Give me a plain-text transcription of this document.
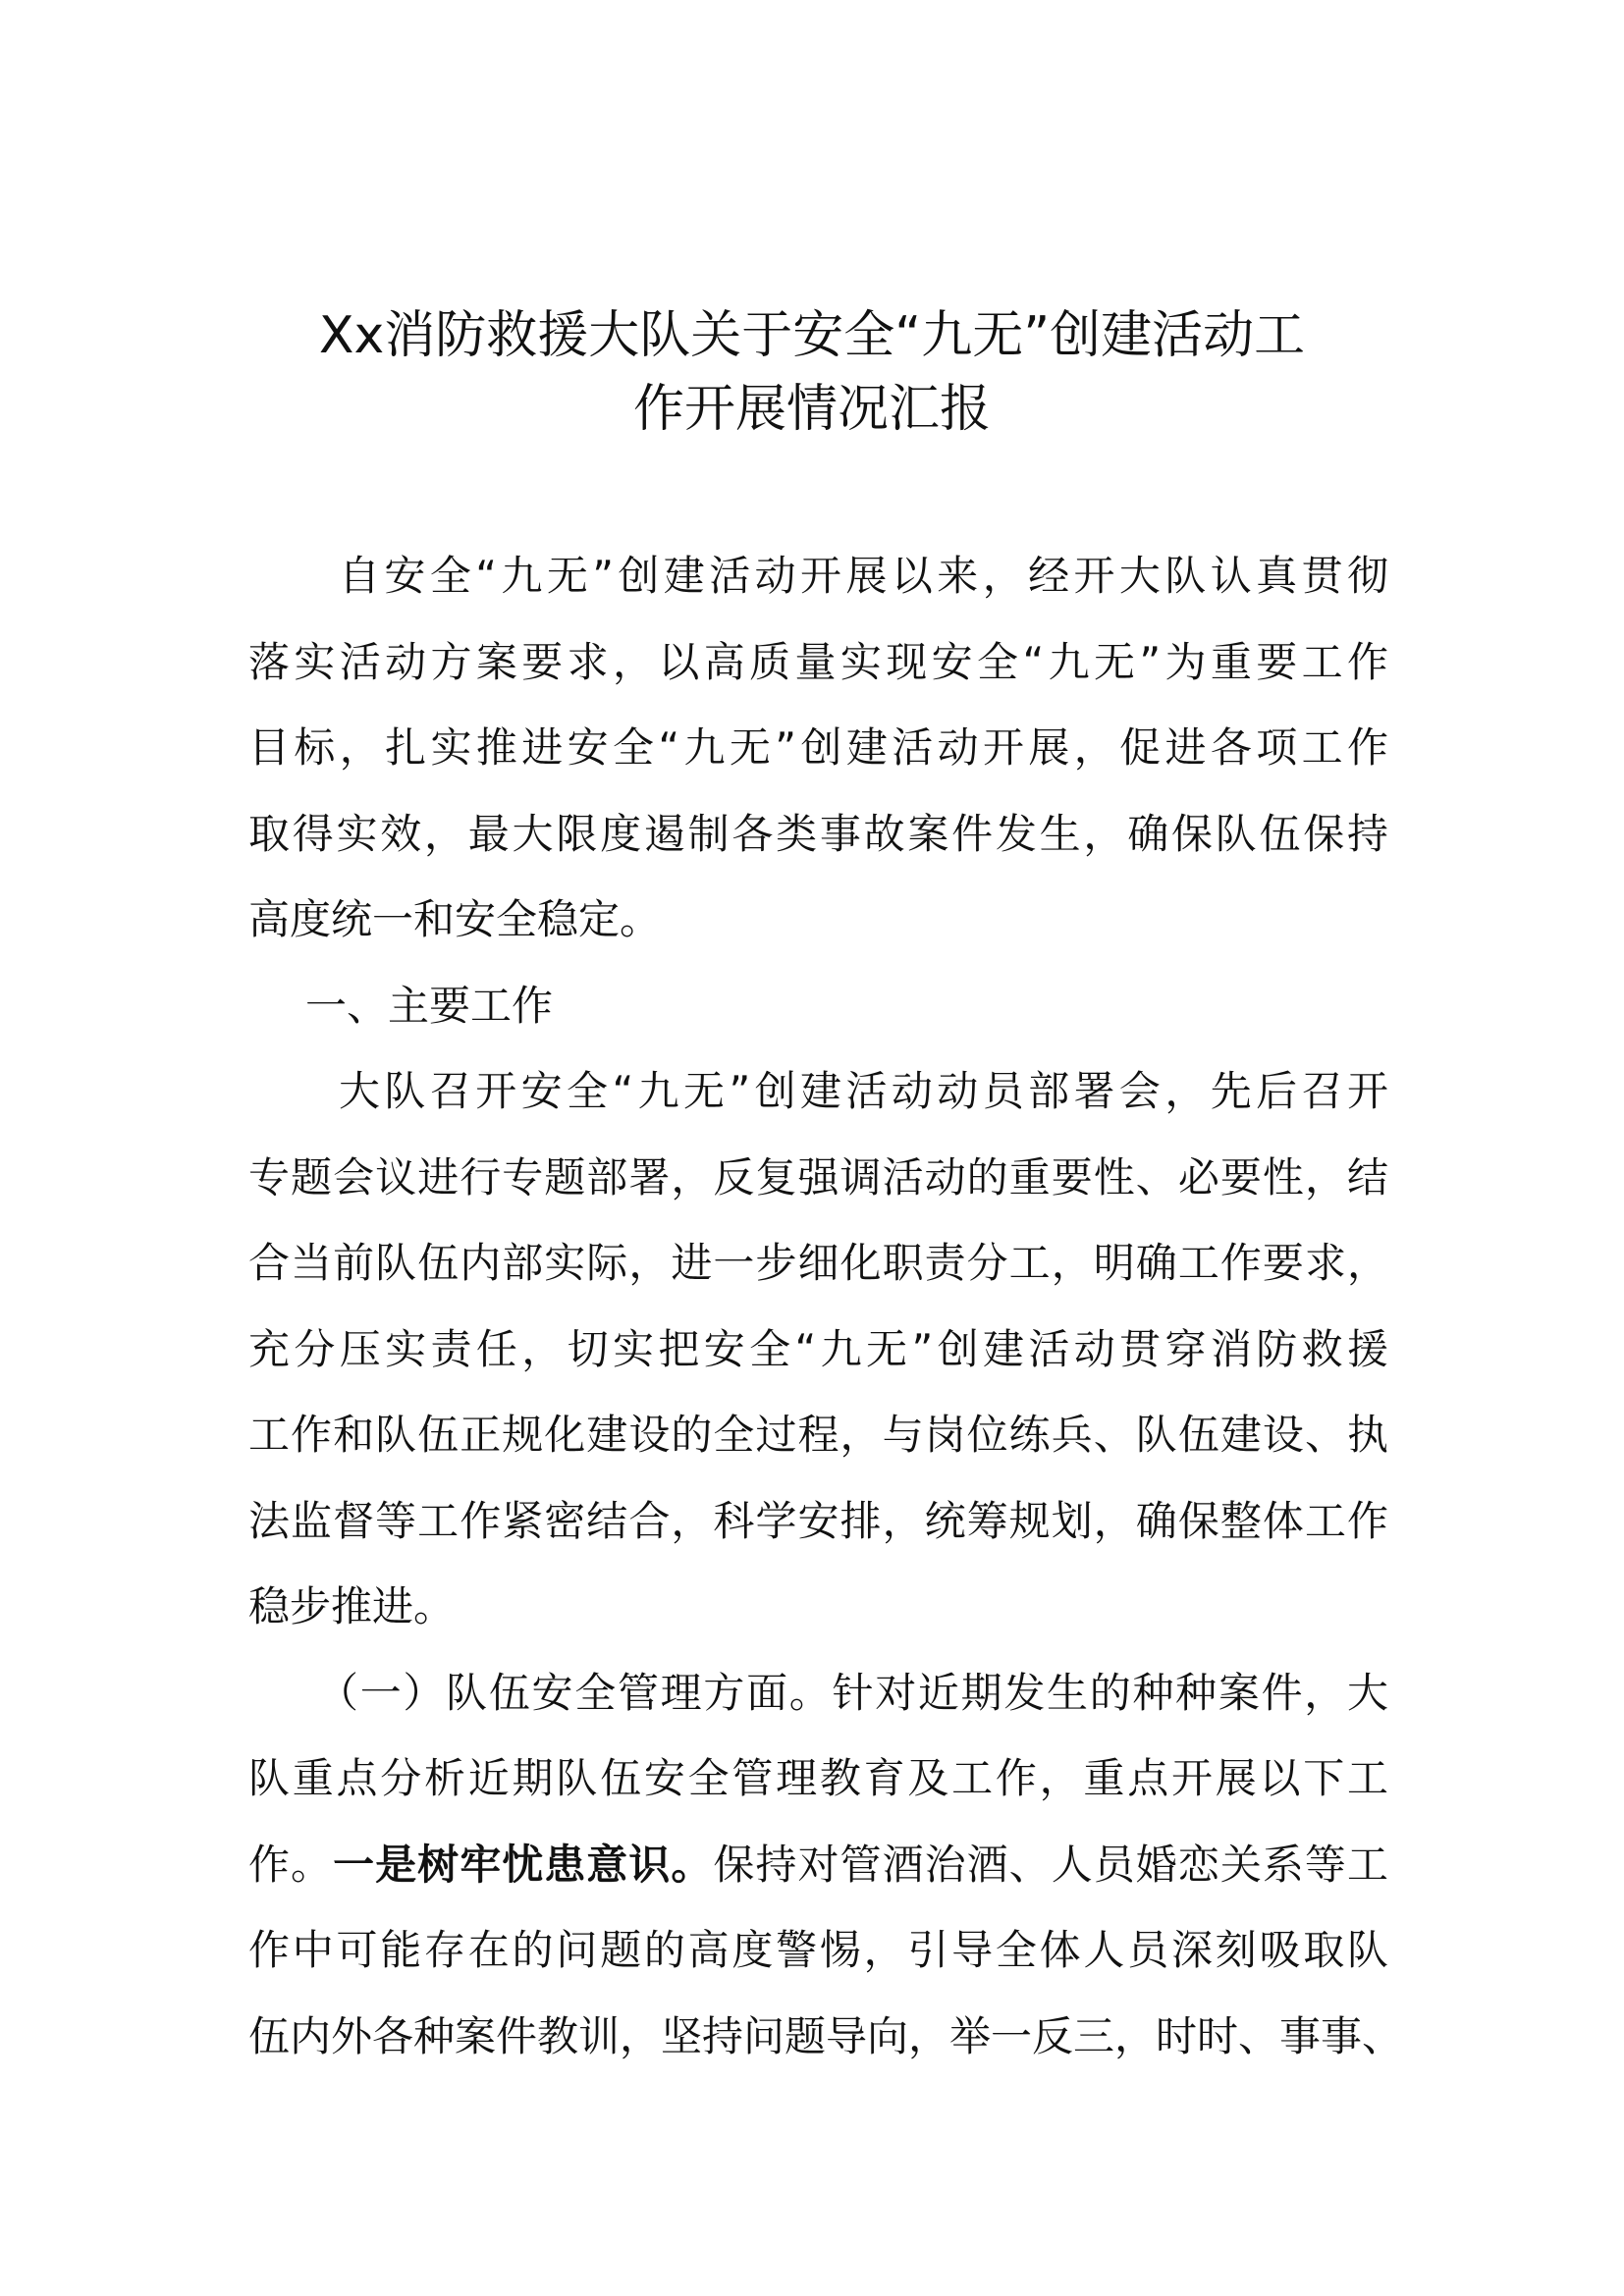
Xx消防救援大队关于安全“九无”创建活动工
作开展情况汇报
自安全“九无”创建活动开展以来，经开大队认真贯彻
落实活动方案要求，以高质量实现安全“九无”为重要工作
目标，扎实推进安全“九无”创建活动开展，促进各项工作
取得实效，最大限度遏制各类事故案件发生，确保队伍保持
高度统一和安全稳定。
一、主要工作
大队召开安全“九无”创建活动动员部署会，先后召开
专题会议进行专题部署，反复强调活动的重要性、必要性，结
合当前队伍内部实际，进一步细化职责分工，明确工作要求，
充分压实责任，切实把安全“九无”创建活动贯穿消防救援
工作和队伍正规化建设的全过程，与岗位练兵、队伍建设、执
法监督等工作紧密结合，科学安排，统筹规划，确保整体工作
稳步推进。
（一）队伍安全管理方面。针对近期发生的种种案件，大
队重点分析近期队伍安全管理教育及工作，重点开展以下工
作。一是树牢忧患意识。保持对管酒治酒、人员婚恋关系等工
作中可能存在的问题的高度警惕，引导全体人员深刻吸取队
伍内外各种案件教训，坚持问题导向，举一反三，时时、事事、
